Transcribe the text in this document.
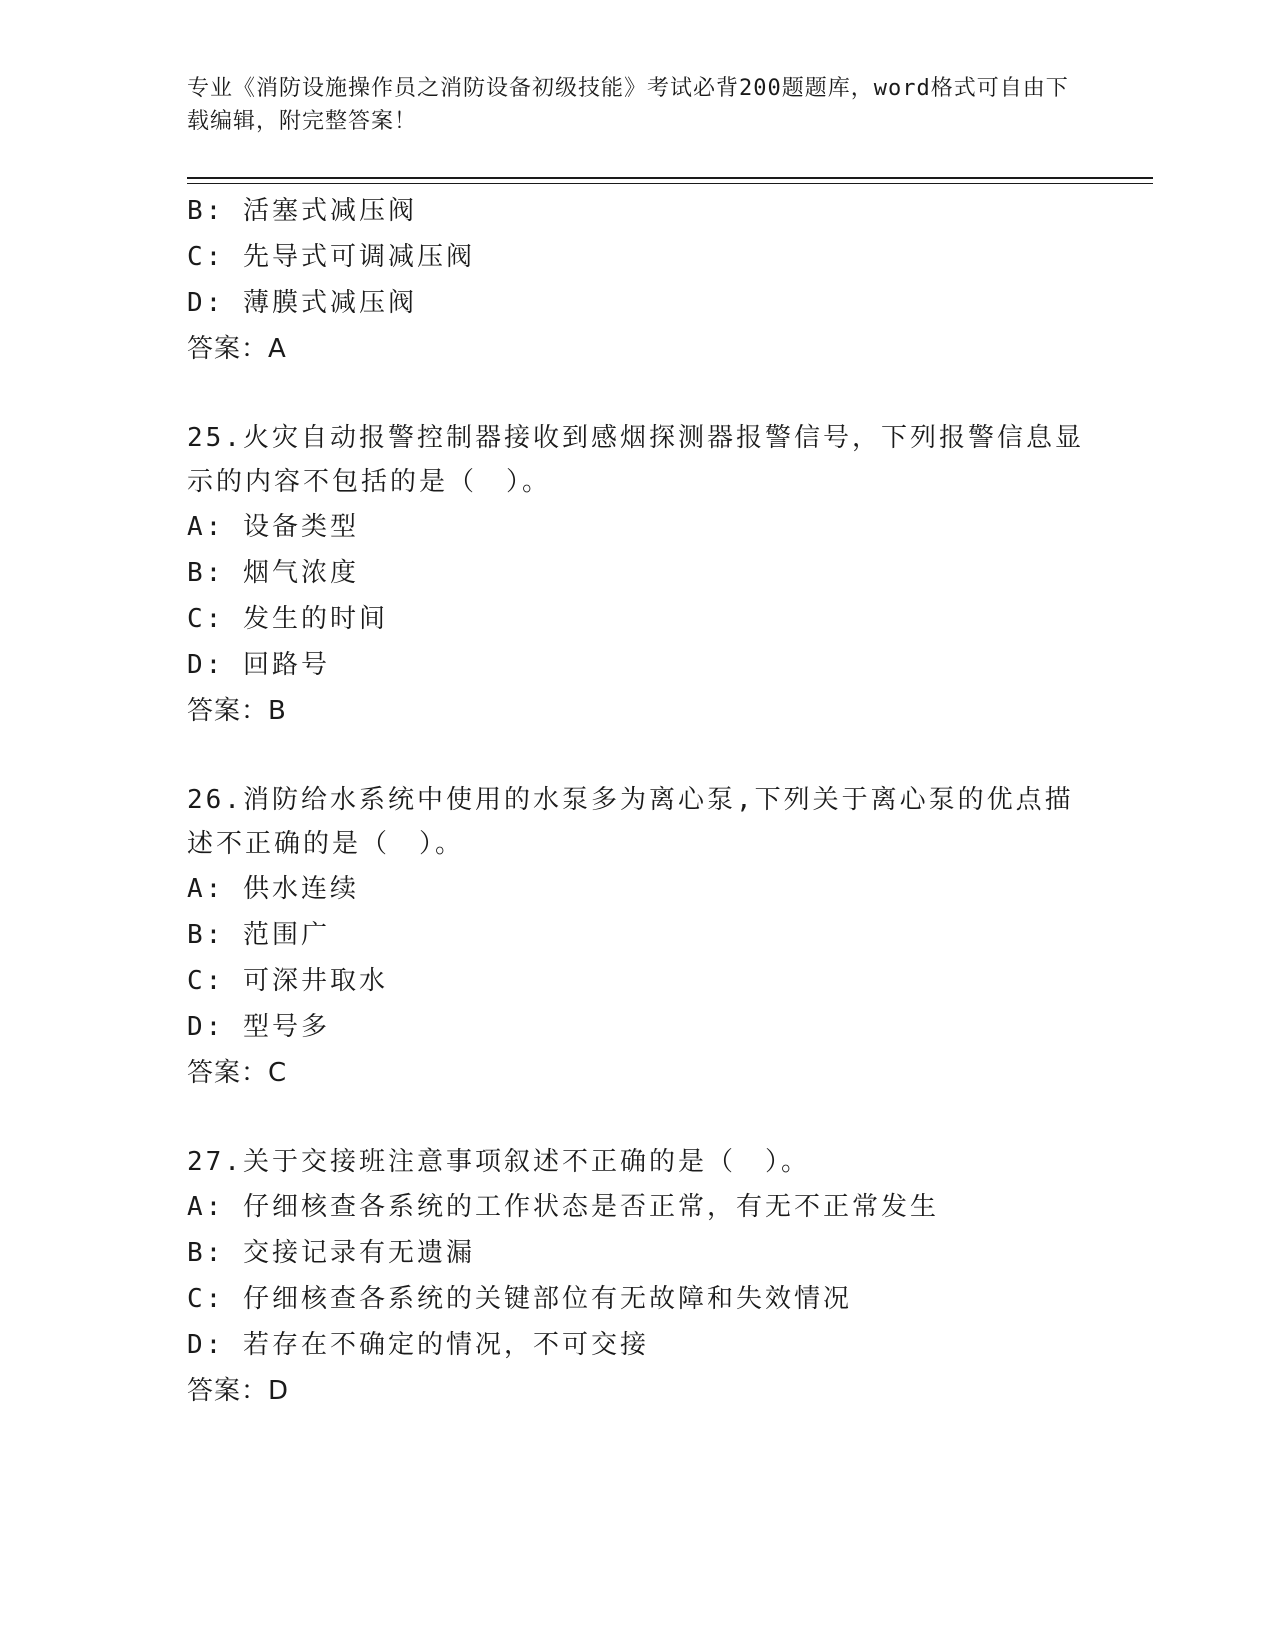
专业《消防设施操作员之消防设备初级技能》考试必背200题题库，word格式可自由下载编辑，附完整答案！

B: 活塞式减压阀

C: 先导式可调减压阀

D: 薄膜式减压阀

答案：A

25.火灾自动报警控制器接收到感烟探测器报警信号，下列报警信息显示的内容不包括的是（　）。

A: 设备类型

B: 烟气浓度

C: 发生的时间

D: 回路号

答案：B

26.消防给水系统中使用的水泵多为离心泵,下列关于离心泵的优点描述不正确的是（　）。

A: 供水连续

B: 范围广

C: 可深井取水

D: 型号多

答案：C

27.关于交接班注意事项叙述不正确的是（　）。

A: 仔细核查各系统的工作状态是否正常，有无不正常发生

B: 交接记录有无遗漏

C: 仔细核查各系统的关键部位有无故障和失效情况

D: 若存在不确定的情况，不可交接

答案：D
